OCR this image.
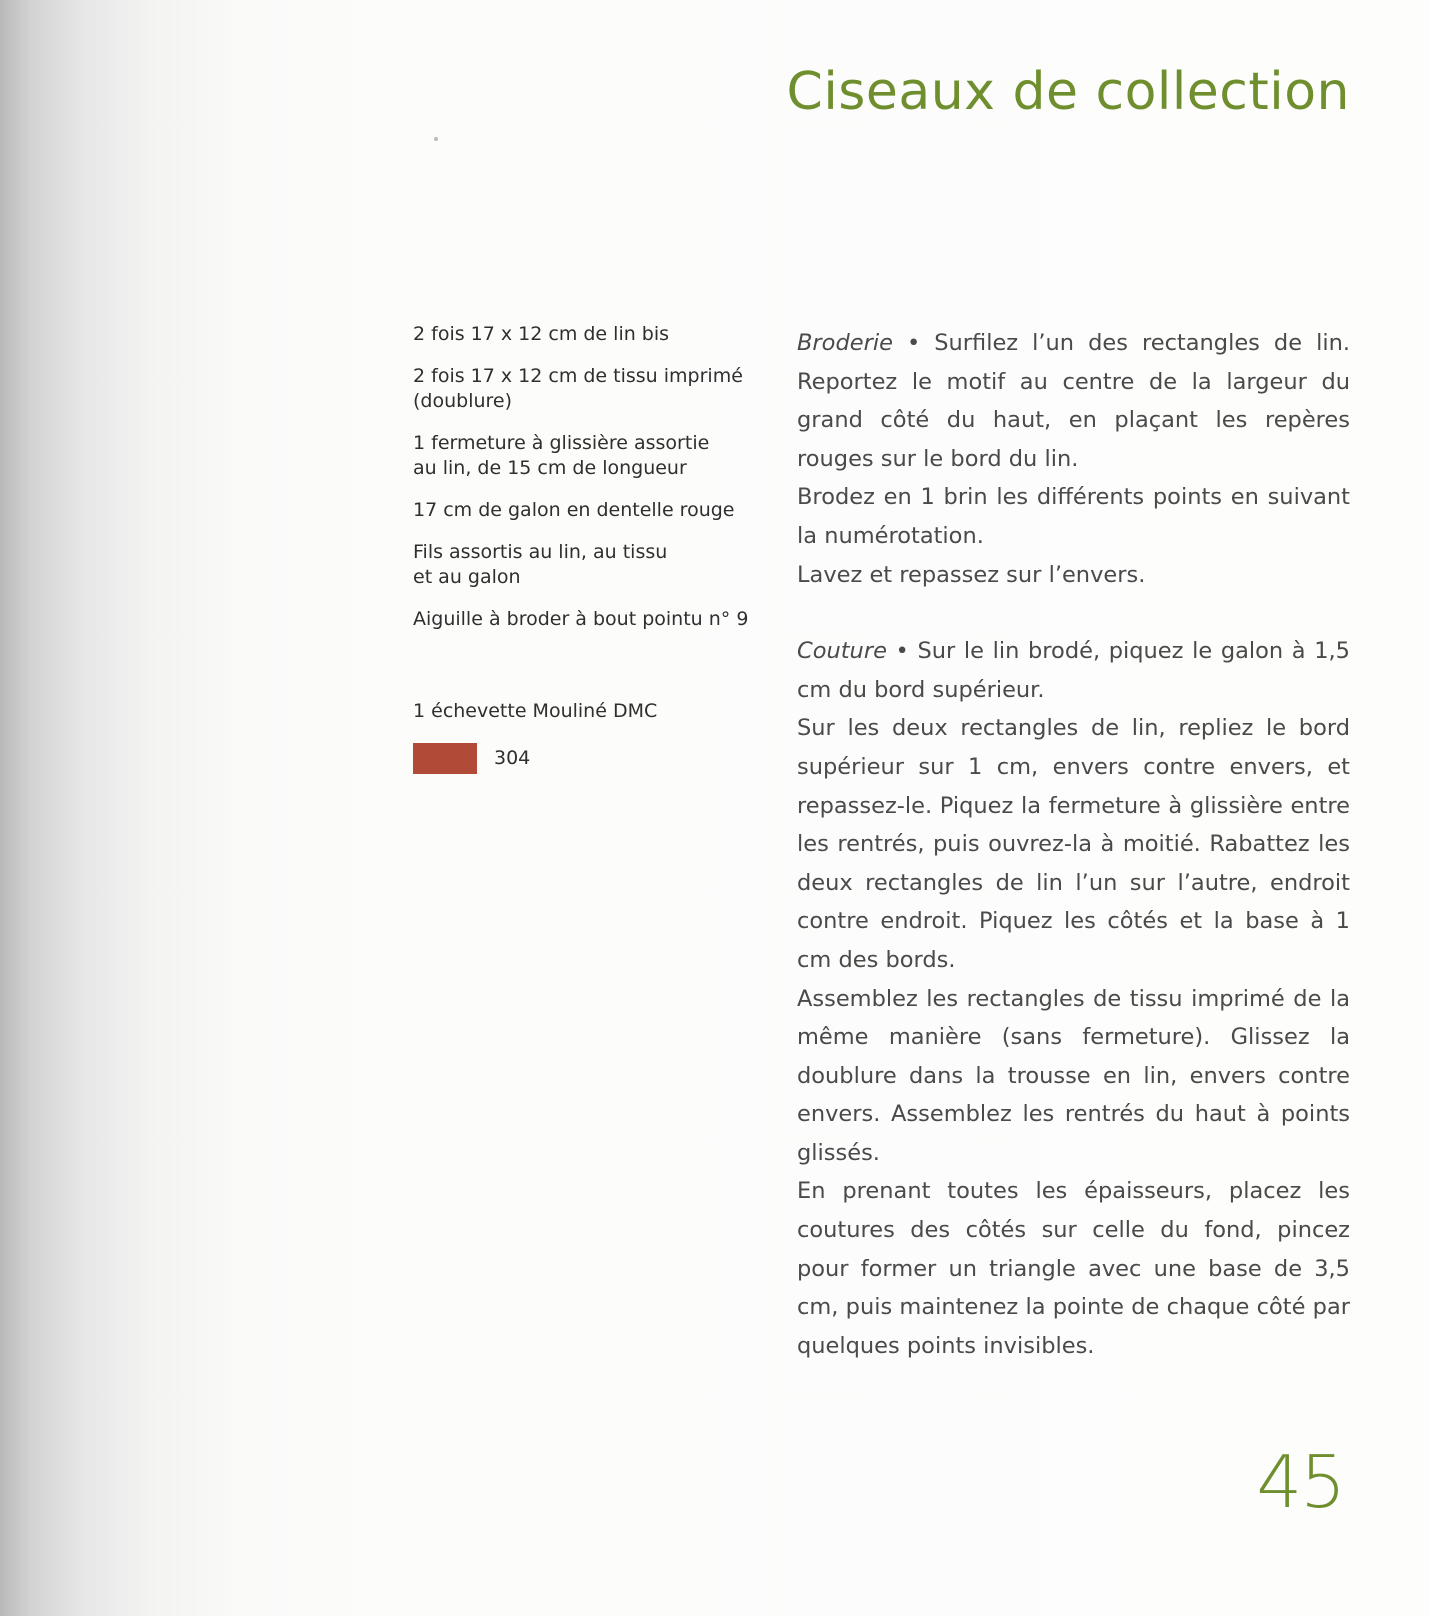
Ciseaux de collection
2 fois 17 x 12 cm de lin bis
2 fois 17 x 12 cm de tissu imprimé (doublure)
1 fermeture à glissière assortie au lin, de 15 cm de longueur
17 cm de galon en dentelle rouge
Fils assortis au lin, au tissu et au galon
Aiguille à broder à bout pointu n° 9
1 échevette Mouliné DMC
304

Broderie • Surfilez l’un des rectangles de lin. Reportez le motif au centre de la largeur du grand côté du haut, en plaçant les repères rouges sur le bord du lin.

Brodez en 1 brin les différents points en suivant la numérotation.

Lavez et repassez sur l’envers.

Couture • Sur le lin brodé, piquez le galon à 1,5 cm du bord supérieur.

Sur les deux rectangles de lin, repliez le bord supérieur sur 1 cm, envers contre envers, et repassez-le. Piquez la fermeture à glissière entre les rentrés, puis ouvrez-la à moitié. Rabattez les deux rectangles de lin l’un sur l’autre, endroit contre endroit. Piquez les côtés et la base à 1 cm des bords.

Assemblez les rectangles de tissu imprimé de la même manière (sans fermeture). Glissez la doublure dans la trousse en lin, envers contre envers. Assemblez les rentrés du haut à points glissés.

En prenant toutes les épaisseurs, placez les coutures des côtés sur celle du fond, pincez pour former un triangle avec une base de 3,5 cm, puis maintenez la pointe de chaque côté par quelques points invisibles.

45
